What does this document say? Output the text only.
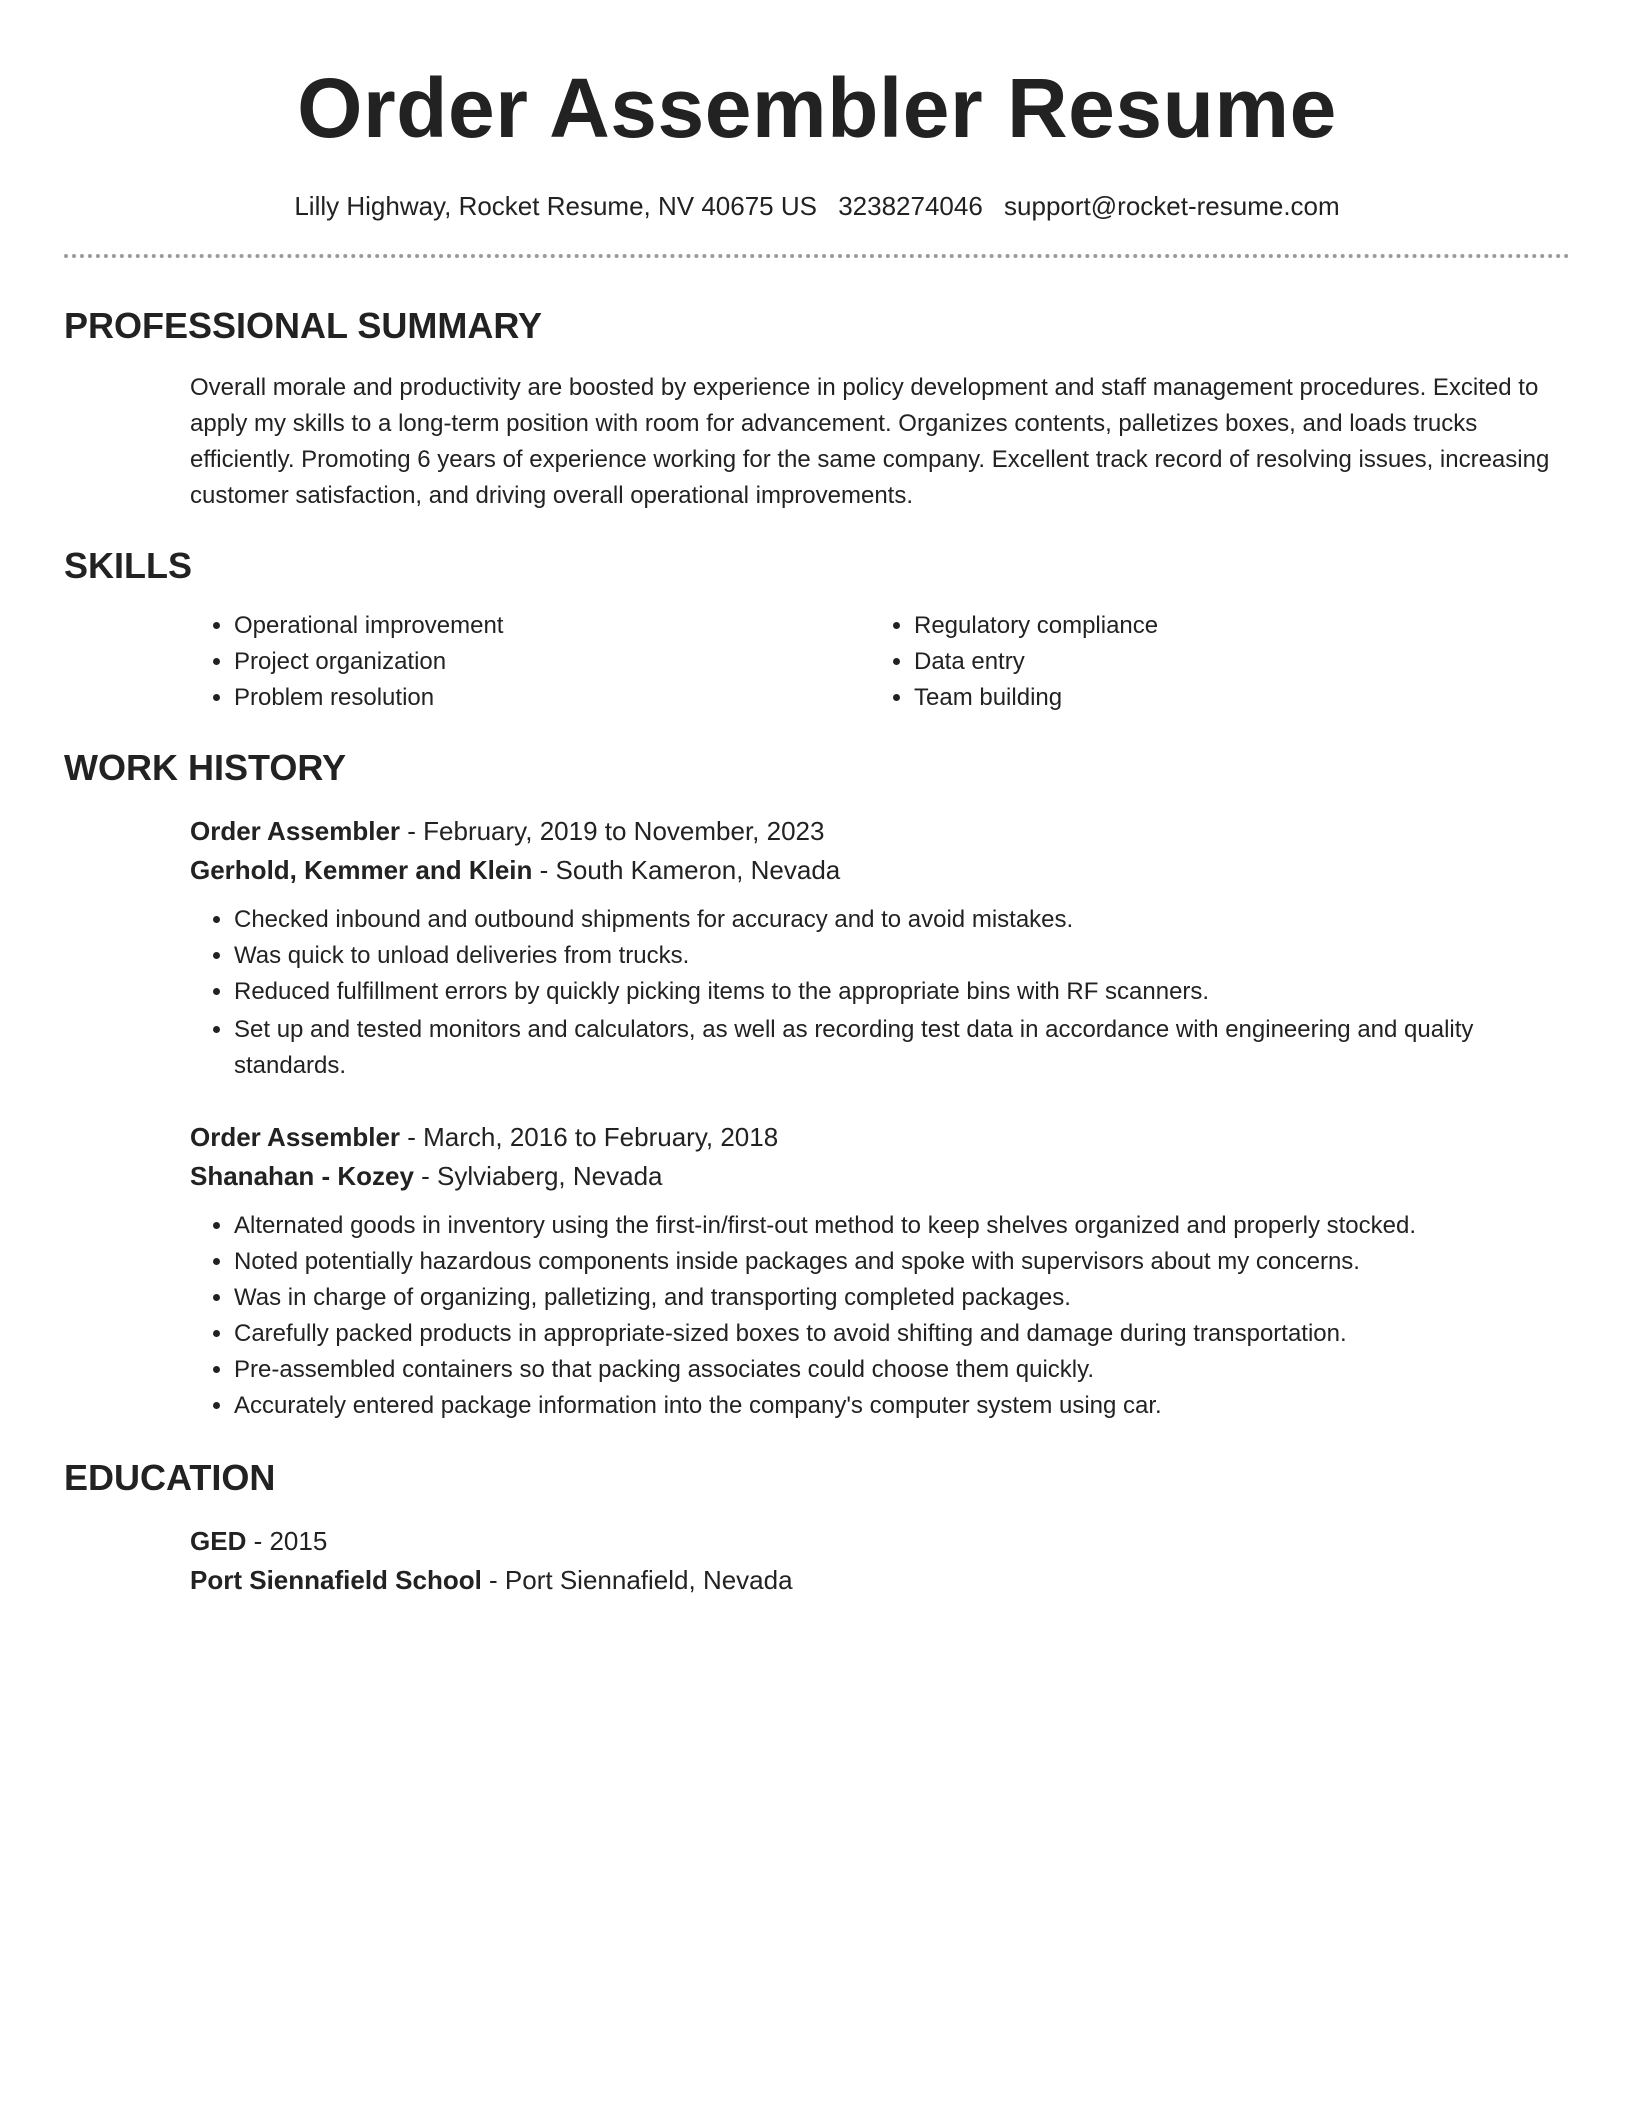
Order Assembler Resume
Lilly Highway, Rocket Resume, NV 40675 US 3238274046 support@rocket-resume.com
PROFESSIONAL SUMMARY
Overall morale and productivity are boosted by experience in policy development and staff management procedures. Excited to apply my skills to a long-term position with room for advancement. Organizes contents, palletizes boxes, and loads trucks efficiently. Promoting 6 years of experience working for the same company. Excellent track record of resolving issues, increasing customer satisfaction, and driving overall operational improvements.
SKILLS
• Operational improvement
• Project organization
• Problem resolution
• Regulatory compliance
• Data entry
• Team building
WORK HISTORY
Order Assembler - February, 2019 to November, 2023
Gerhold, Kemmer and Klein - South Kameron, Nevada
• Checked inbound and outbound shipments for accuracy and to avoid mistakes.
• Was quick to unload deliveries from trucks.
• Reduced fulfillment errors by quickly picking items to the appropriate bins with RF scanners.
• Set up and tested monitors and calculators, as well as recording test data in accordance with engineering and quality standards.
Order Assembler - March, 2016 to February, 2018
Shanahan - Kozey - Sylviaberg, Nevada
• Alternated goods in inventory using the first-in/first-out method to keep shelves organized and properly stocked.
• Noted potentially hazardous components inside packages and spoke with supervisors about my concerns.
• Was in charge of organizing, palletizing, and transporting completed packages.
• Carefully packed products in appropriate-sized boxes to avoid shifting and damage during transportation.
• Pre-assembled containers so that packing associates could choose them quickly.
• Accurately entered package information into the company's computer system using car.
EDUCATION
GED - 2015
Port Siennafield School - Port Siennafield, Nevada
